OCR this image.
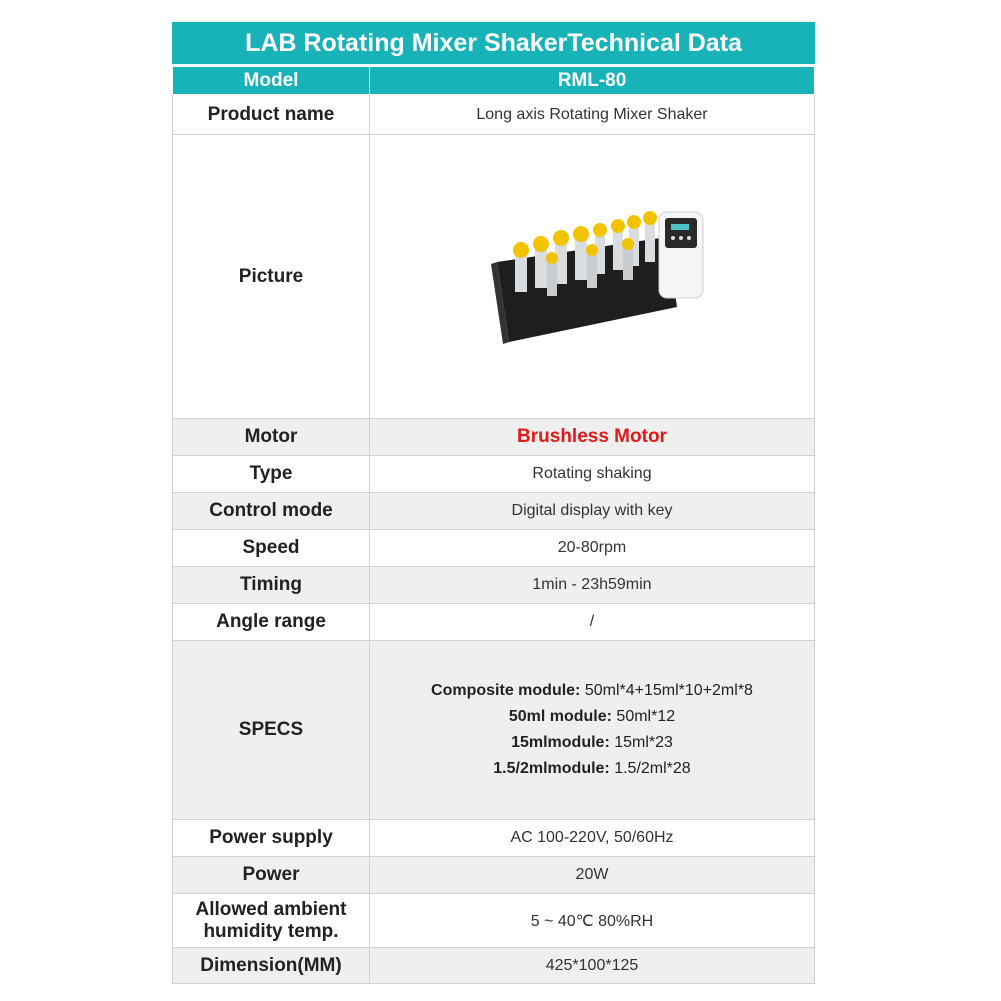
LAB Rotating Mixer ShakerTechnical Data
Model	RML-80
Product name	Long axis Rotating Mixer Shaker
Picture	

Motor	Brushless Motor
Type	Rotating shaking
Control mode	Digital display with key
Speed	20-80rpm
Timing	1min - 23h59min
Angle range	/
SPECS	Composite module: 50ml*4+15ml*10+2ml*8
50ml module: 50ml*12
15mlmodule: 15ml*23
1.5/2mlmodule: 1.5/2ml*28

Power supply	AC 100-220V, 50/60Hz
Power	20W

Allowed ambient
humidity temp.	5 ~ 40℃ 80%RH
Dimension(MM)	425*100*125
